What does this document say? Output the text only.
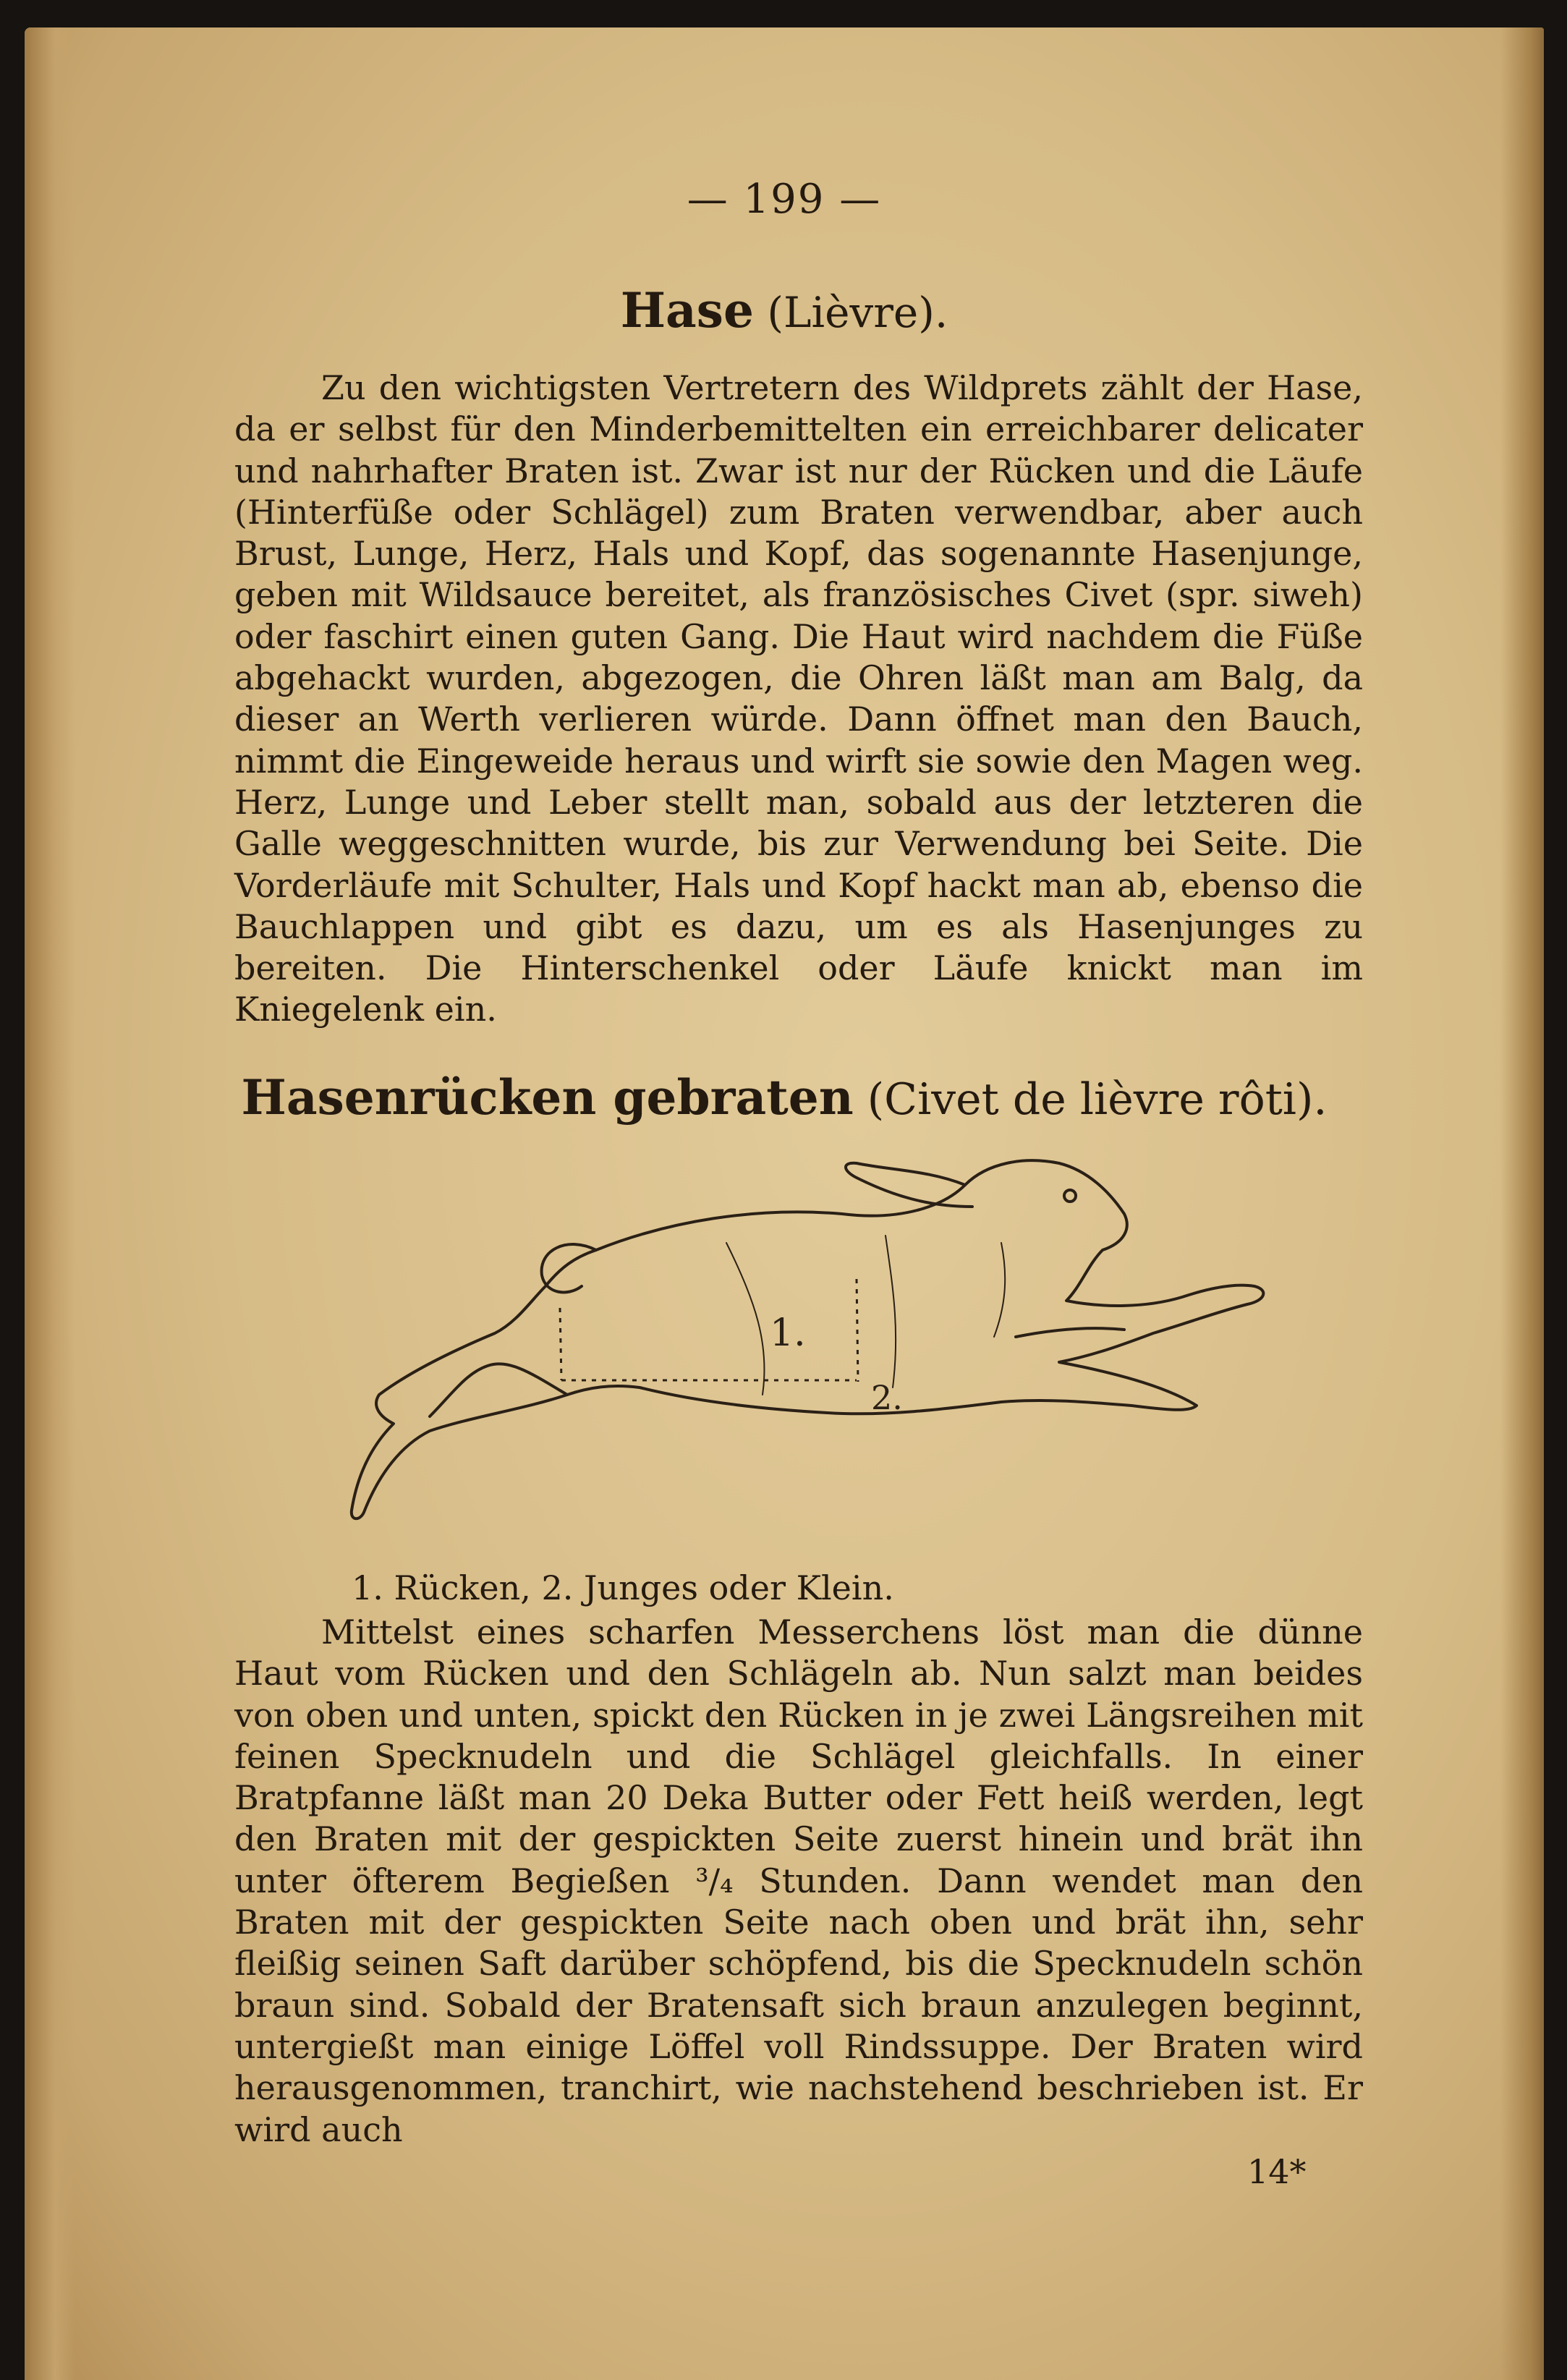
— 199 —
Hase (Lièvre).

Zu den wichtigsten Vertretern des Wildprets zählt der Hase, da er selbst für den Minderbemittelten ein erreichbarer delicater und nahrhafter Braten ist. Zwar ist nur der Rücken und die Läufe (Hinterfüße oder Schlägel) zum Braten verwendbar, aber auch Brust, Lunge, Herz, Hals und Kopf, das sogenannte Hasenjunge, geben mit Wildsauce bereitet, als französisches Civet (spr. siweh) oder faschirt einen guten Gang. Die Haut wird nachdem die Füße abgehackt wurden, abgezogen, die Ohren läßt man am Balg, da dieser an Werth verlieren würde. Dann öffnet man den Bauch, nimmt die Eingeweide heraus und wirft sie sowie den Magen weg. Herz, Lunge und Leber stellt man, sobald aus der letzteren die Galle weggeschnitten wurde, bis zur Verwendung bei Seite. Die Vorderläufe mit Schulter, Hals und Kopf hackt man ab, ebenso die Bauchlappen und gibt es dazu, um es als Hasenjunges zu bereiten. Die Hinterschenkel oder Läufe knickt man im Kniegelenk ein.

Hasenrücken gebraten (Civet de lièvre rôti).
1.
2.
1. Rücken, 2. Junges oder Klein.

Mittelst eines scharfen Messerchens löst man die dünne Haut vom Rücken und den Schlägeln ab. Nun salzt man beides von oben und unten, spickt den Rücken in je zwei Längsreihen mit feinen Specknudeln und die Schlägel gleichfalls. In einer Bratpfanne läßt man 20 Deka Butter oder Fett heiß werden, legt den Braten mit der gespickten Seite zuerst hinein und brät ihn unter öfterem Begießen ³/₄ Stunden. Dann wendet man den Braten mit der gespickten Seite nach oben und brät ihn, sehr fleißig seinen Saft darüber schöpfend, bis die Specknudeln schön braun sind. Sobald der Bratensaft sich braun anzulegen beginnt, untergießt man einige Löffel voll Rindssuppe. Der Braten wird herausgenommen, tranchirt, wie nachstehend beschrieben ist. Er wird auch

14*
